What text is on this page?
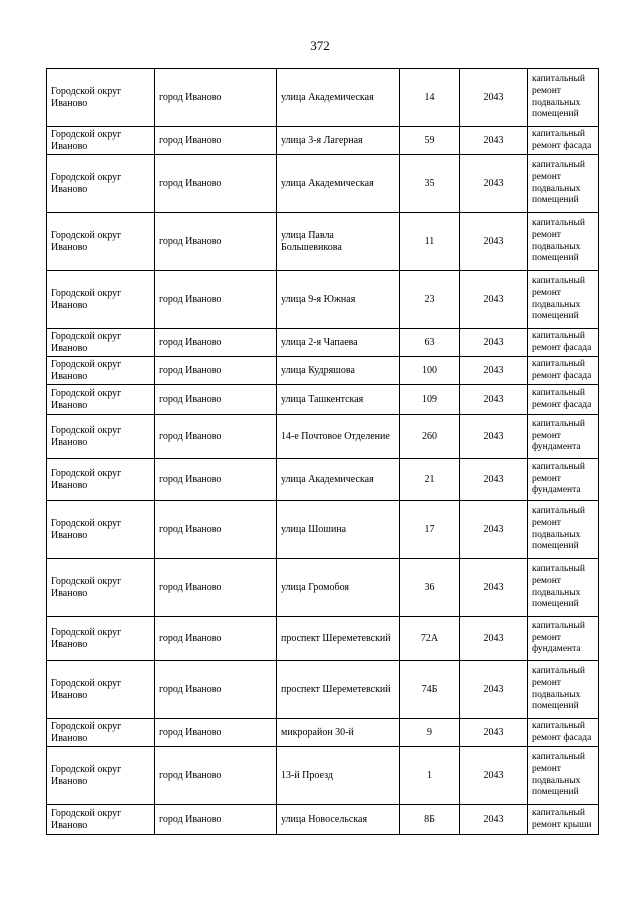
372
Городской округ Иваново	город Иваново	улица Академическая	14	2043	капитальный ремонт подвальных помещений
Городской округ Иваново	город Иваново	улица 3-я Лагерная	59	2043	капитальный ремонт фасада
Городской округ Иваново	город Иваново	улица Академическая	35	2043	капитальный ремонт подвальных помещений
Городской округ Иваново	город Иваново	улица Павла Большевикова	11	2043	капитальный ремонт подвальных помещений
Городской округ Иваново	город Иваново	улица 9-я Южная	23	2043	капитальный ремонт подвальных помещений
Городской округ Иваново	город Иваново	улица 2-я Чапаева	63	2043	капитальный ремонт фасада
Городской округ Иваново	город Иваново	улица Кудряшова	100	2043	капитальный ремонт фасада
Городской округ Иваново	город Иваново	улица Ташкентская	109	2043	капитальный ремонт фасада
Городской округ Иваново	город Иваново	14-е Почтовое Отделение	260	2043	капитальный ремонт фундамента
Городской округ Иваново	город Иваново	улица Академическая	21	2043	капитальный ремонт фундамента
Городской округ Иваново	город Иваново	улица Шошина	17	2043	капитальный ремонт подвальных помещений
Городской округ Иваново	город Иваново	улица Громобоя	36	2043	капитальный ремонт подвальных помещений
Городской округ Иваново	город Иваново	проспект Шереметевский	72А	2043	капитальный ремонт фундамента
Городской округ Иваново	город Иваново	проспект Шереметевский	74Б	2043	капитальный ремонт подвальных помещений
Городской округ Иваново	город Иваново	микрорайон 30-й	9	2043	капитальный ремонт фасада
Городской округ Иваново	город Иваново	13-й Проезд	1	2043	капитальный ремонт подвальных помещений
Городской округ Иваново	город Иваново	улица Новосельская	8Б	2043	капитальный ремонт крыши
